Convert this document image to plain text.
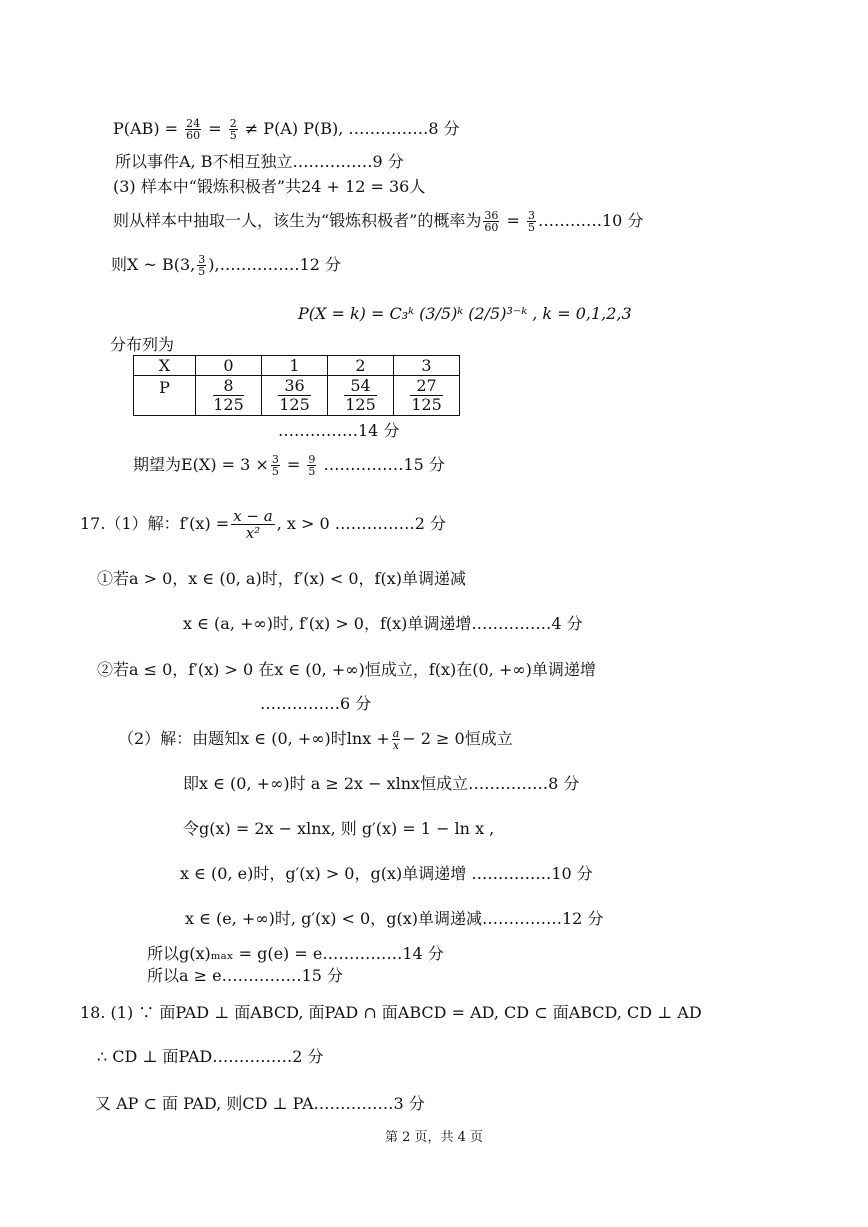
$P(AB) = \frac{24}{60} = \frac{2}{5} \ne P(A)$ P(B), ……………8 分
所以事件A, B不相互独立……………9 分
(3) 样本中“锻炼积极者”共24 + 12 = 36人
则从样本中抽取一人，该生为“锻炼积极者”的概率为 $\frac{36}{60} = \frac{3}{5}$ …………10 分
则X ~ B(3, $\frac{3}{5}$ ),……………12 分
P(X = k) = C₃ᵏ (3/5)ᵏ (2/5)³⁻ᵏ , k = 0,1,2,3
分布列为
X	0	1	2	3
P	$\frac{8}{125}$	$\frac{36}{125}$	$\frac{54}{125}$	$\frac{27}{125}$
……………14 分
期望为$E(X) = 3 \times \frac{3}{5} = \frac{9}{5}$ ……………15 分
17.（1）解：$f'(x) = \frac{x - a}{\text{x²}}$ , x > 0 ……………2 分
①若a > 0，x ∈ (0, a)时，f′(x) < 0，f(x)单调递减
x ∈ (a, +∞)时, f′(x) > 0，f(x)单调递增……………4 分
②若a ≤ 0，f′(x) > 0 在x ∈ (0, +∞)恒成立，f(x)在(0, +∞)单调递增
……………6 分
（2）解：由题知x ∈ (0, +∞)时$\ln x + \frac{a}{x} - 2 \ge 0$恒成立
即x ∈ (0, +∞)时 a ≥ 2x − xlnx恒成立……………8 分
令g(x) = 2x − xlnx, 则 g′(x) = 1 − ln x ,
x ∈ (0, e)时，g′(x) > 0，g(x)单调递增 ……………10 分
x ∈ (e, +∞)时, g′(x) < 0，g(x)单调递减……………12 分
所以g(x)ₘₐₓ = g(e) = e……………14 分
所以a ≥ e……………15 分
18. (1) ∵ 面PAD ⊥ 面ABCD, 面PAD ∩ 面ABCD = AD, CD ⊂ 面ABCD, CD ⊥ AD
∴ CD ⊥ 面PAD……………2 分
又 AP ⊂ 面 PAD, 则CD ⊥ PA……………3 分
第 2 页，共 4 页
